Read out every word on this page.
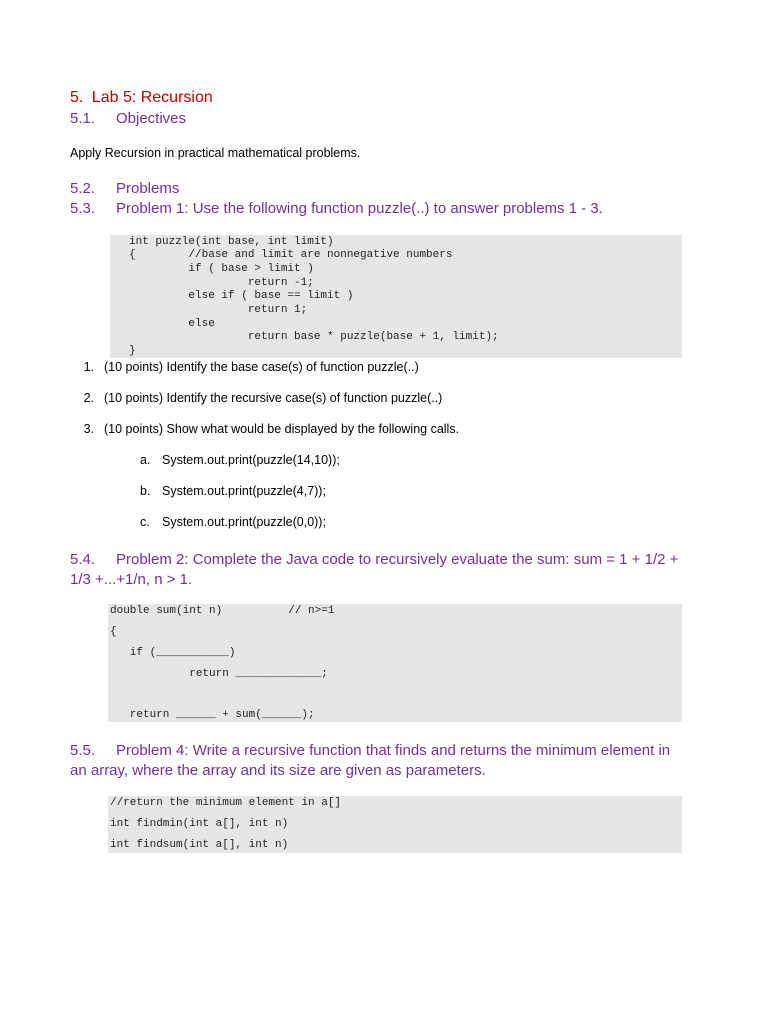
5. Lab 5: Recursion
5.1. Objectives
Apply Recursion in practical mathematical problems.
5.2. Problems
5.3. Problem 1: Use the following function puzzle(..) to answer problems 1 - 3.
int puzzle(int base, int limit)
{        //base and limit are nonnegative numbers
if ( base > limit )
return -1;
else if ( base == limit )
return 1;
else
return base * puzzle(base + 1, limit);
}
1. (10 points) Identify the base case(s) of function puzzle(..)
2. (10 points) Identify the recursive case(s) of function puzzle(..)
3. (10 points) Show what would be displayed by the following calls.
a. System.out.print(puzzle(14,10));
b. System.out.print(puzzle(4,7));
c. System.out.print(puzzle(0,0));
5.4. Problem 2: Complete the Java code to recursively evaluate the sum: sum = 1 + 1/2 + 1/3 +...+1/n, n > 1.
double sum(int n)          // n>=1
{
if (___________)
return _____________;
return ______ + sum(______);
5.5. Problem 4: Write a recursive function that finds and returns the minimum element in an array, where the array and its size are given as parameters.
//return the minimum element in a[]
int findmin(int a[], int n)
int findsum(int a[], int n)
